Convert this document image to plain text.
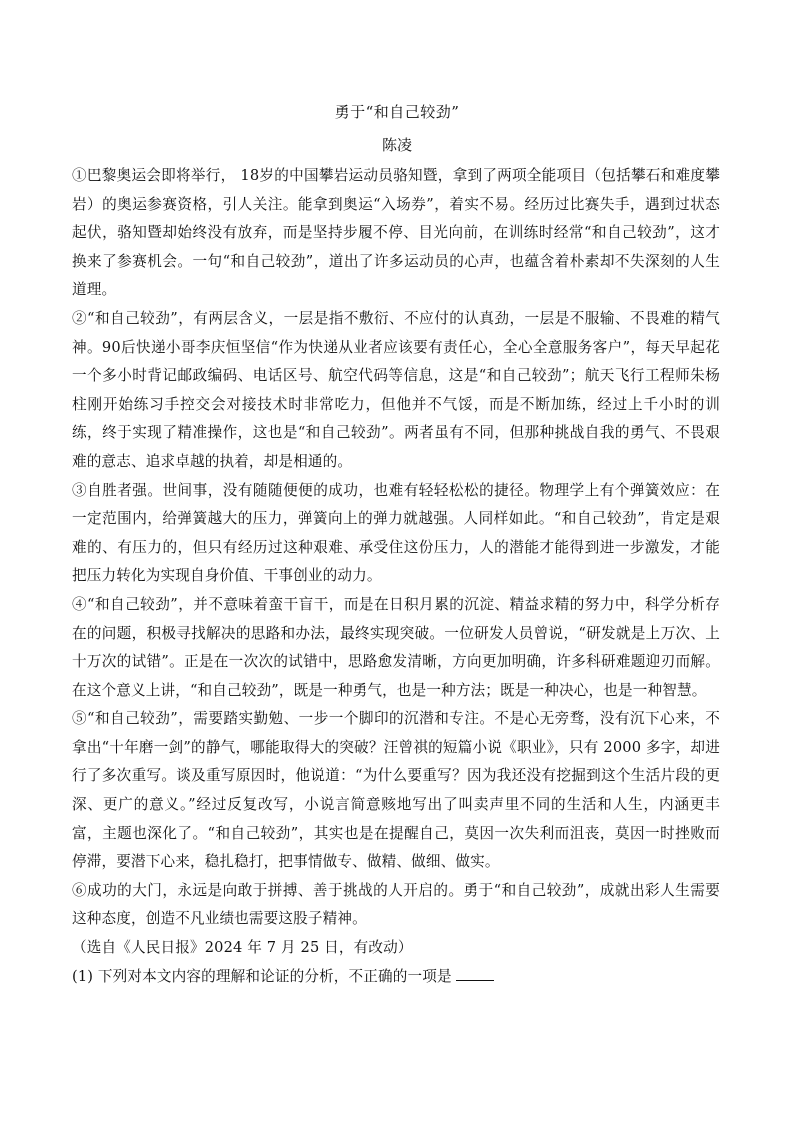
勇于“和自己较劲”
陈凌

①巴黎奥运会即将举行， 18岁的中国攀岩运动员骆知暨，拿到了两项全能项目（包括攀石和难度攀岩）的奥运参赛资格，引人关注。能拿到奥运“入场券”，着实不易。经历过比赛失手，遇到过状态起伏，骆知暨却始终没有放弃，而是坚持步履不停、目光向前，在训练时经常“和自己较劲”，这才换来了参赛机会。一句“和自己较劲”，道出了许多运动员的心声，也蕴含着朴素却不失深刻的人生道理。

②“和自己较劲”，有两层含义，一层是指不敷衍、不应付的认真劲，一层是不服输、不畏难的精气神。90后快递小哥李庆恒坚信“作为快递从业者应该要有责任心，全心全意服务客户”，每天早起花一个多小时背记邮政编码、电话区号、航空代码等信息，这是“和自己较劲”；航天飞行工程师朱杨柱刚开始练习手控交会对接技术时非常吃力，但他并不气馁，而是不断加练，经过上千小时的训练，终于实现了精准操作，这也是“和自己较劲”。两者虽有不同，但那种挑战自我的勇气、不畏艰难的意志、追求卓越的执着，却是相通的。

③自胜者强。世间事，没有随随便便的成功，也难有轻轻松松的捷径。物理学上有个弹簧效应：在一定范围内，给弹簧越大的压力，弹簧向上的弹力就越强。人同样如此。“和自己较劲”，肯定是艰难的、有压力的，但只有经历过这种艰难、承受住这份压力，人的潜能才能得到进一步激发，才能把压力转化为实现自身价值、干事创业的动力。

④“和自己较劲”，并不意味着蛮干盲干，而是在日积月累的沉淀、精益求精的努力中，科学分析存在的问题，积极寻找解决的思路和办法，最终实现突破。一位研发人员曾说，“研发就是上万次、上十万次的试错”。正是在一次次的试错中，思路愈发清晰，方向更加明确，许多科研难题迎刃而解。在这个意义上讲，“和自己较劲”，既是一种勇气，也是一种方法；既是一种决心，也是一种智慧。

⑤“和自己较劲”，需要踏实勤勉、一步一个脚印的沉潜和专注。不是心无旁骛，没有沉下心来，不拿出“十年磨一剑”的静气，哪能取得大的突破？汪曾祺的短篇小说《职业》，只有 2000 多字，却进行了多次重写。谈及重写原因时，他说道：“为什么要重写？因为我还没有挖掘到这个生活片段的更深、更广的意义。”经过反复改写，小说言简意赅地写出了叫卖声里不同的生活和人生，内涵更丰富，主题也深化了。“和自己较劲”，其实也是在提醒自己，莫因一次失利而沮丧，莫因一时挫败而停滞，要潜下心来，稳扎稳打，把事情做专、做精、做细、做实。

⑥成功的大门，永远是向敢于拼搏、善于挑战的人开启的。勇于“和自己较劲”，成就出彩人生需要这种态度，创造不凡业绩也需要这股子精神。

（选自《人民日报》2024 年 7 月 25 日，有改动）

(1) 下列对本文内容的理解和论证的分析，不正确的一项是
